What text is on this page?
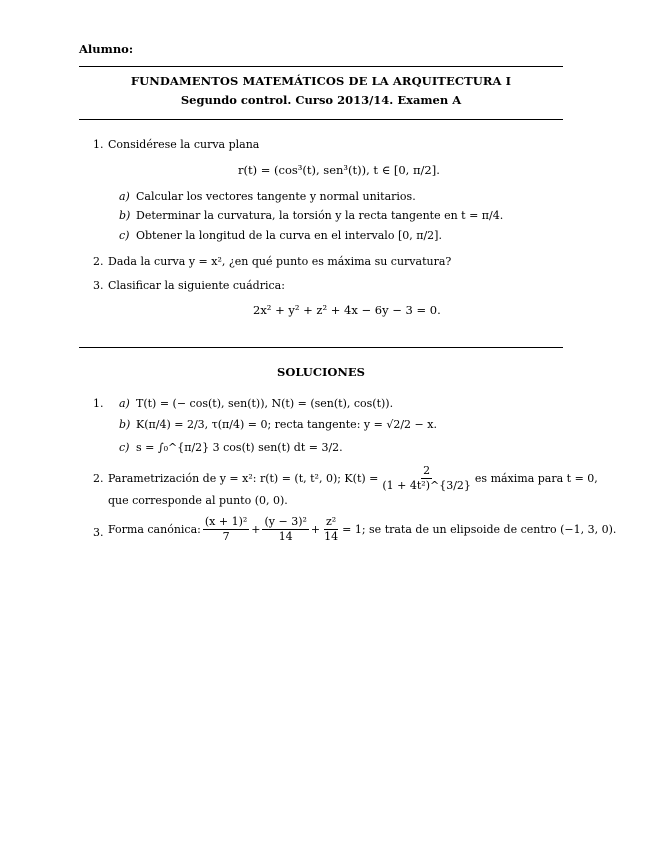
Alumno:
FUNDAMENTOS MATEMÁTICOS DE LA ARQUITECTURA I
Segundo control. Curso 2013/14. Examen A
1. Considérese la curva plana
r(t) = (cos³(t), sen³(t)), t ∈ [0, π/2].
a) Calcular los vectores tangente y normal unitarios.
b) Determinar la curvatura, la torsión y la recta tangente en t = π/4.
c) Obtener la longitud de la curva en el intervalo [0, π/2].
2. Dada la curva y = x², ¿en qué punto es máxima su curvatura?
3. Clasificar la siguiente cuádrica:
2x² + y² + z² + 4x − 6y − 3 = 0.
SOLUCIONES
1. a) T(t) = (− cos(t), sen(t)), N(t) = (sen(t), cos(t)).
b) K(π/4) = 2/3, τ(π/4) = 0; recta tangente: y = √2/2 − x.
c) s = ∫₀^{π/2} 3 cos(t) sen(t) dt = 3/2.
2. Parametrización de y = x²: r(t) = (t, t², 0); $K(t) = \frac{2}{\text{(1 + 4t²)\textasciicircum{}\{3/2\}}}$ es máxima para t = 0,
que corresponde al punto (0, 0).
3. Forma canónica: $\frac{\text{(x + 1)²}}{7} + \frac{\text{(y − 3)²}}{14} + \frac{\text{z²}}{14} = 1$; se trata de un elipsoide de centro (−1, 3, 0).
